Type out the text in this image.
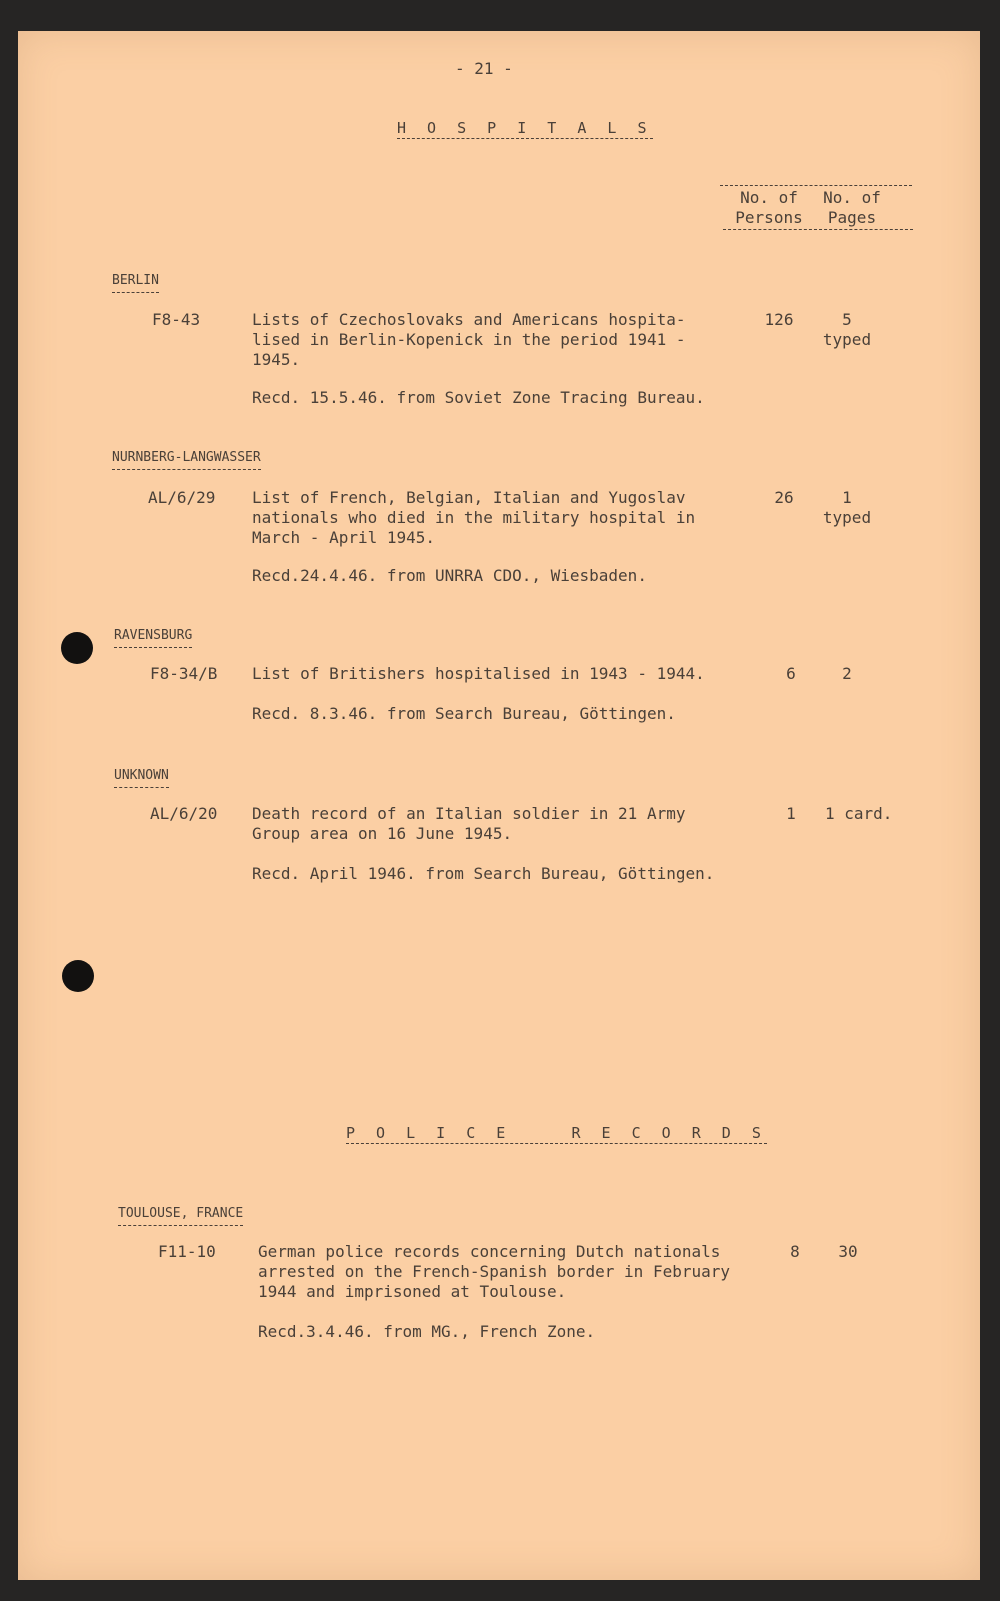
- 21 -
H O S P I T A L S
No. of
Persons
No. of
Pages
BERLIN
F8-43	Lists of Czechoslovaks and Americans hospita-
lised in Berlin-Kopenick in the period 1941 -
1945.
126	5
typed
Recd. 15.5.46. from Soviet Zone Tracing Bureau.
NURNBERG-LANGWASSER
AL/6/29 List of French, Belgian, Italian and Yugoslav
nationals who died in the military hospital in
March - April 1945.
26	1
typed
Recd.24.4.46. from UNRRA CDO., Wiesbaden.
RAVENSBURG
F8-34/B List of Britishers hospitalised in 1943 - 1944.	6	2
Recd. 8.3.46. from Search Bureau, Göttingen.
UNKNOWN
AL/6/20 Death record of an Italian soldier in 21 Army
Group area on 16 June 1945.
1	1 card.
Recd. April 1946. from Search Bureau, Göttingen.
P O L I C E    R E C O R D S
TOULOUSE, FRANCE
F11-10	German police records concerning Dutch nationals
arrested on the French-Spanish border in February
1944 and imprisoned at Toulouse.
8	30
Recd.3.4.46. from MG., French Zone.
